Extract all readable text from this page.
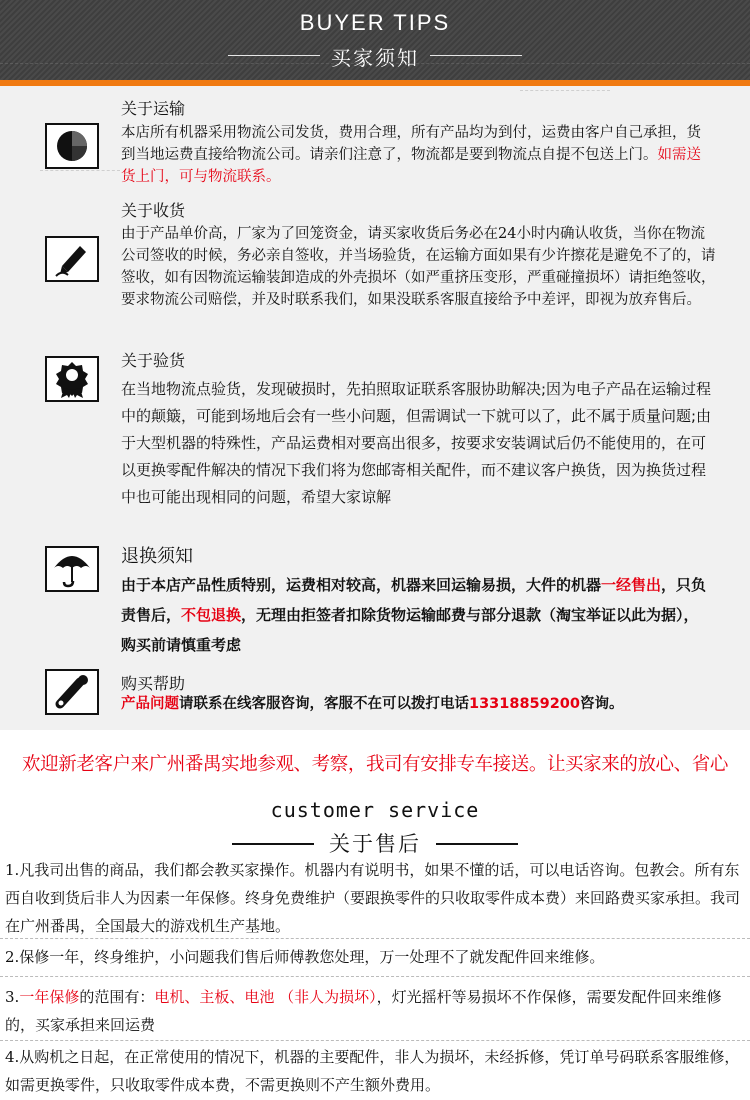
BUYER TIPS
买家须知
关于运输
本店所有机器采用物流公司发货，费用合理，所有产品均为到付，运费由客户自己承担，货到当地运费直接给物流公司。请亲们注意了，物流都是要到物流点自提不包送上门。如需送货上门，可与物流联系。
关于收货
由于产品单价高，厂家为了回笼资金，请买家收货后务必在24小时内确认收货，当你在物流公司签收的时候，务必亲自签收，并当场验货，在运输方面如果有少许擦花是避免不了的，请签收，如有因物流运输装卸造成的外壳损坏（如严重挤压变形，严重碰撞损坏）请拒绝签收，要求物流公司赔偿，并及时联系我们，如果没联系客服直接给予中差评，即视为放弃售后。
关于验货
在当地物流点验货，发现破损时，先拍照取证联系客服协助解决;因为电子产品在运输过程中的颠簸，可能到场地后会有一些小问题，但需调试一下就可以了，此不属于质量问题;由于大型机器的特殊性，产品运费相对要高出很多，按要求安装调试后仍不能使用的，在可以更换零配件解决的情况下我们将为您邮寄相关配件，而不建议客户换货，因为换货过程中也可能出现相同的问题，希望大家谅解
退换须知
由于本店产品性质特别，运费相对较高，机器来回运输易损，大件的机器一经售出，只负责售后，不包退换，无理由拒签者扣除货物运输邮费与部分退款（淘宝举证以此为据），购买前请慎重考虑
购买帮助
产品问题请联系在线客服咨询，客服不在可以拨打电话13318859200咨询。
欢迎新老客户来广州番禺实地参观、考察，我司有安排专车接送。让买家来的放心、省心
customer service
关于售后
1.凡我司出售的商品，我们都会教买家操作。机器内有说明书，如果不懂的话，可以电话咨询。包教会。所有东西自收到货后非人为因素一年保修。终身免费维护（要跟换零件的只收取零件成本费）来回路费买家承担。我司在广州番禺，全国最大的游戏机生产基地。
2.保修一年，终身维护，小问题我们售后师傅教您处理，万一处理不了就发配件回来维修。
3.一年保修的范围有：电机、主板、电池 （非人为损坏），灯光摇杆等易损坏不作保修，需要发配件回来维修的，买家承担来回运费
4.从购机之日起，在正常使用的情况下，机器的主要配件，非人为损坏，未经拆修，凭订单号码联系客服维修，如需更换零件，只收取零件成本费，不需更换则不产生额外费用。
